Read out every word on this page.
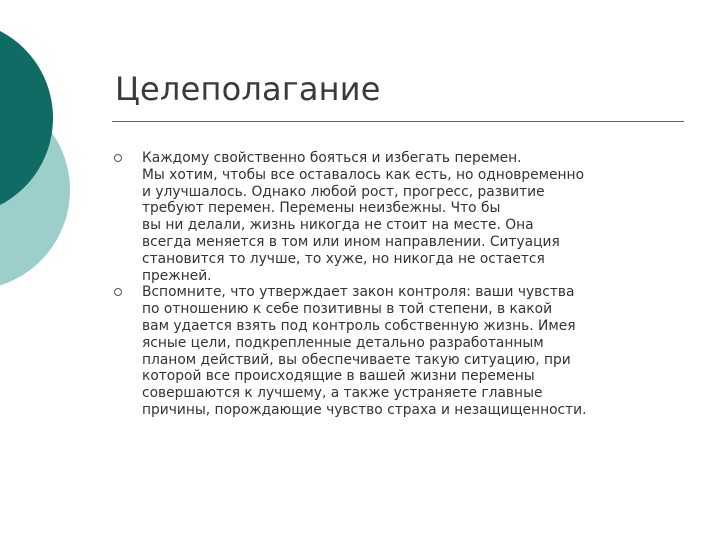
Целеполагание
Каждому свойственно бояться и избегать перемен.
Мы хотим, чтобы все оставалось как есть, но одновременно
и улучшалось. Однако любой рост, прогресс, развитие
требуют перемен. Перемены неизбежны. Что бы
вы ни делали, жизнь никогда не стоит на месте. Она
всегда меняется в том или ином направлении. Ситуация
становится то лучше, то хуже, но никогда не остается
прежней.
Вспомните, что утверждает закон контроля: ваши чувства
по отношению к себе позитивны в той степени, в какой
вам удается взять под контроль собственную жизнь. Имея
ясные цели, подкрепленные детально разработанным
планом действий, вы обеспечиваете такую ситуацию, при
которой все происходящие в вашей жизни перемены
совершаются к лучшему, а также устраняете главные
причины, порождающие чувство страха и незащищенности.
